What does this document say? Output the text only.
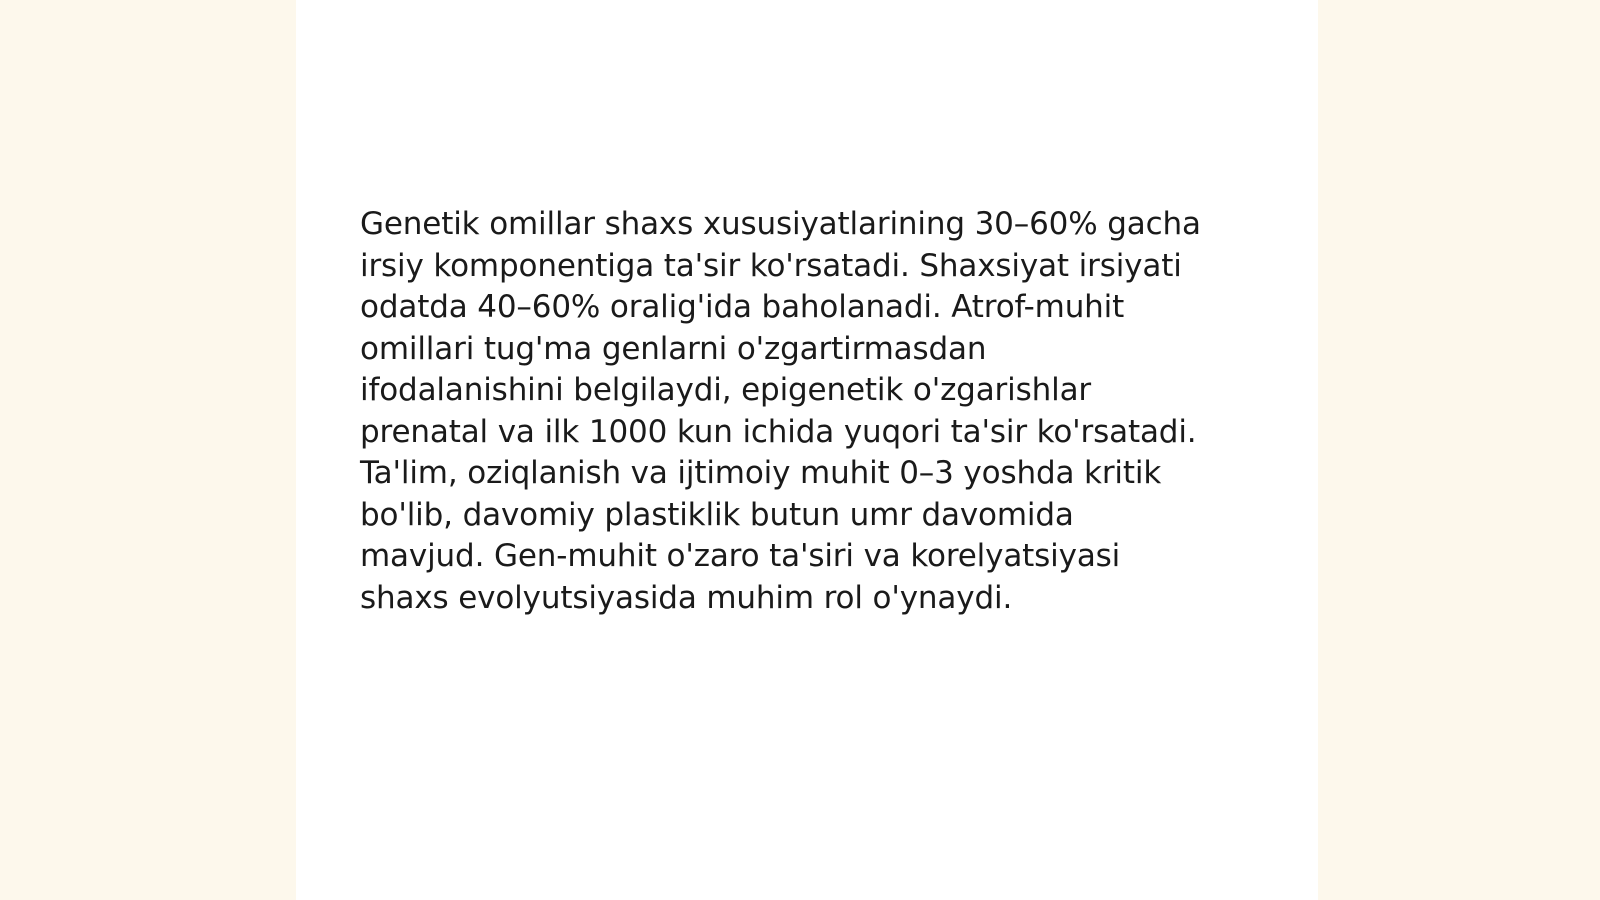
Genetik omillar shaxs xususiyatlarining 30–60% gacha
irsiy komponentiga ta'sir ko'rsatadi. Shaxsiyat irsiyati
odatda 40–60% oralig'ida baholanadi. Atrof-muhit
omillari tug'ma genlarni o'zgartirmasdan
ifodalanishini belgilaydi, epigenetik o'zgarishlar
prenatal va ilk 1000 kun ichida yuqori ta'sir ko'rsatadi.
Ta'lim, oziqlanish va ijtimoiy muhit 0–3 yoshda kritik
bo'lib, davomiy plastiklik butun umr davomida
mavjud. Gen-muhit o'zaro ta'siri va korelyatsiyasi
shaxs evolyutsiyasida muhim rol o'ynaydi.
